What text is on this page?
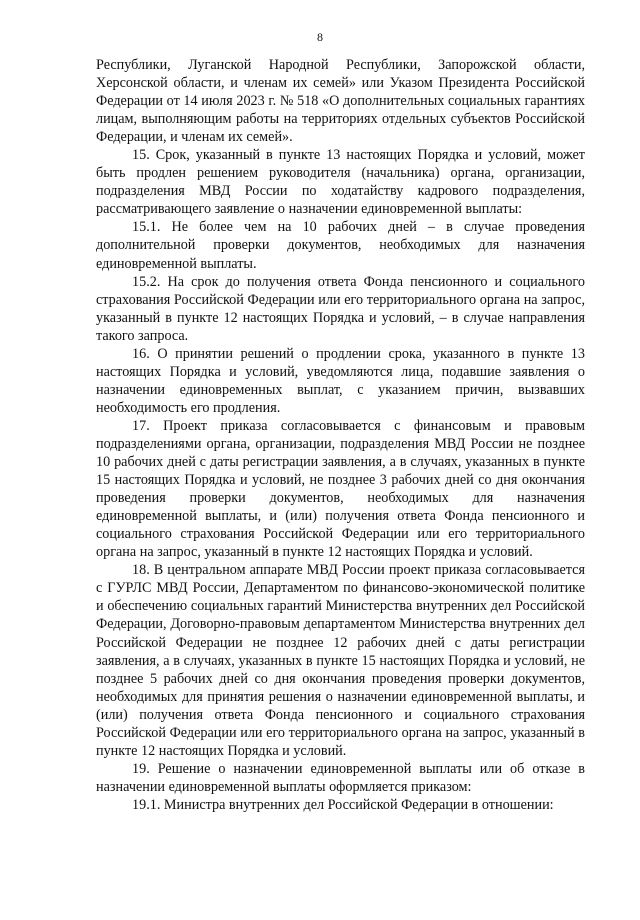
8

Республики, Луганской Народной Республики, Запорожской области, Херсонской области, и членам их семей» или Указом Президента Российской Федерации от 14 июля 2023 г. № 518 «О дополнительных социальных гарантиях лицам, выполняющим работы на территориях отдельных субъектов Российской Федерации, и членам их семей».

15. Срок, указанный в пункте 13 настоящих Порядка и условий, может быть продлен решением руководителя (начальника) органа, организации, подразделения МВД России по ходатайству кадрового подразделения, рассматривающего заявление о назначении единовременной выплаты:

15.1. Не более чем на 10 рабочих дней – в случае проведения дополнительной проверки документов, необходимых для назначения единовременной выплаты.

15.2. На срок до получения ответа Фонда пенсионного и социального страхования Российской Федерации или его территориального органа на запрос, указанный в пункте 12 настоящих Порядка и условий, – в случае направления такого запроса.

16. О принятии решений о продлении срока, указанного в пункте 13 настоящих Порядка и условий, уведомляются лица, подавшие заявления о назначении единовременных выплат, с указанием причин, вызвавших необходимость его продления.

17. Проект приказа согласовывается с финансовым и правовым подразделениями органа, организации, подразделения МВД России не позднее 10 рабочих дней с даты регистрации заявления, а в случаях, указанных в пункте 15 настоящих Порядка и условий, не позднее 3 рабочих дней со дня окончания проведения проверки документов, необходимых для назначения единовременной выплаты, и (или) получения ответа Фонда пенсионного и социального страхования Российской Федерации или его территориального органа на запрос, указанный в пункте 12 настоящих Порядка и условий.

18. В центральном аппарате МВД России проект приказа согласовывается с ГУРЛС МВД России, Департаментом по финансово-экономической политике и обеспечению социальных гарантий Министерства внутренних дел Российской Федерации, Договорно-правовым департаментом Министерства внутренних дел Российской Федерации не позднее 12 рабочих дней с даты регистрации заявления, а в случаях, указанных в пункте 15 настоящих Порядка и условий, не позднее 5 рабочих дней со дня окончания проведения проверки документов, необходимых для принятия решения о назначении единовременной выплаты, и (или) получения ответа Фонда пенсионного и социального страхования Российской Федерации или его территориального органа на запрос, указанный в пункте 12 настоящих Порядка и условий.

19. Решение о назначении единовременной выплаты или об отказе в назначении единовременной выплаты оформляется приказом:

19.1. Министра внутренних дел Российской Федерации в отношении:
